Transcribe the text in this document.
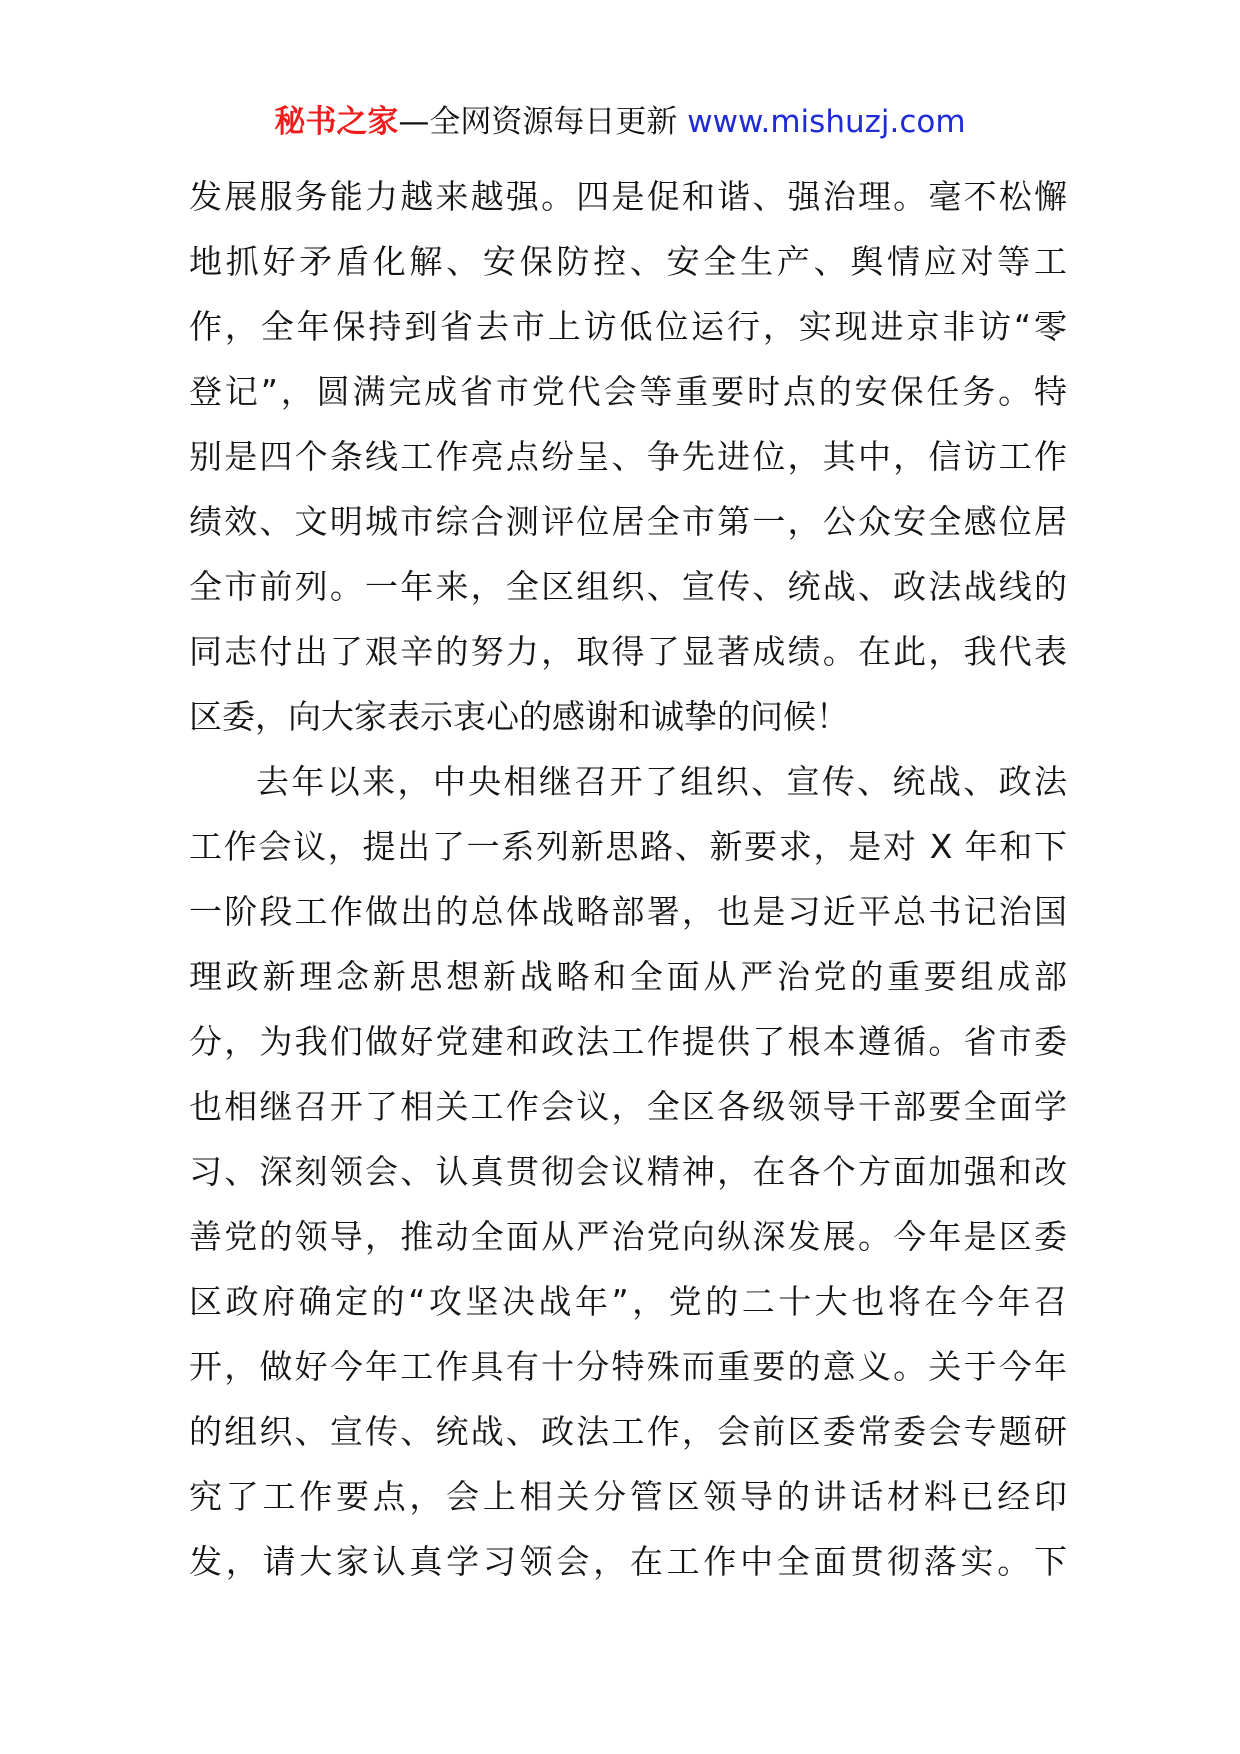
秘书之家—全网资源每日更新 www.mishuzj.com
发展服务能力越来越强。四是促和谐、强治理。毫不松懈
地抓好矛盾化解、安保防控、安全生产、舆情应对等工
作，全年保持到省去市上访低位运行，实现进京非访“零
登记”，圆满完成省市党代会等重要时点的安保任务。特
别是四个条线工作亮点纷呈、争先进位，其中，信访工作
绩效、文明城市综合测评位居全市第一，公众安全感位居
全市前列。一年来，全区组织、宣传、统战、政法战线的
同志付出了艰辛的努力，取得了显著成绩。在此，我代表
区委，向大家表示衷心的感谢和诚挚的问候！
去年以来，中央相继召开了组织、宣传、统战、政法
工作会议，提出了一系列新思路、新要求，是对 X 年和下
一阶段工作做出的总体战略部署，也是习近平总书记治国
理政新理念新思想新战略和全面从严治党的重要组成部
分，为我们做好党建和政法工作提供了根本遵循。省市委
也相继召开了相关工作会议，全区各级领导干部要全面学
习、深刻领会、认真贯彻会议精神，在各个方面加强和改
善党的领导，推动全面从严治党向纵深发展。今年是区委
区政府确定的“攻坚决战年”，党的二十大也将在今年召
开，做好今年工作具有十分特殊而重要的意义。关于今年
的组织、宣传、统战、政法工作，会前区委常委会专题研
究了工作要点，会上相关分管区领导的讲话材料已经印
发，请大家认真学习领会，在工作中全面贯彻落实。下
